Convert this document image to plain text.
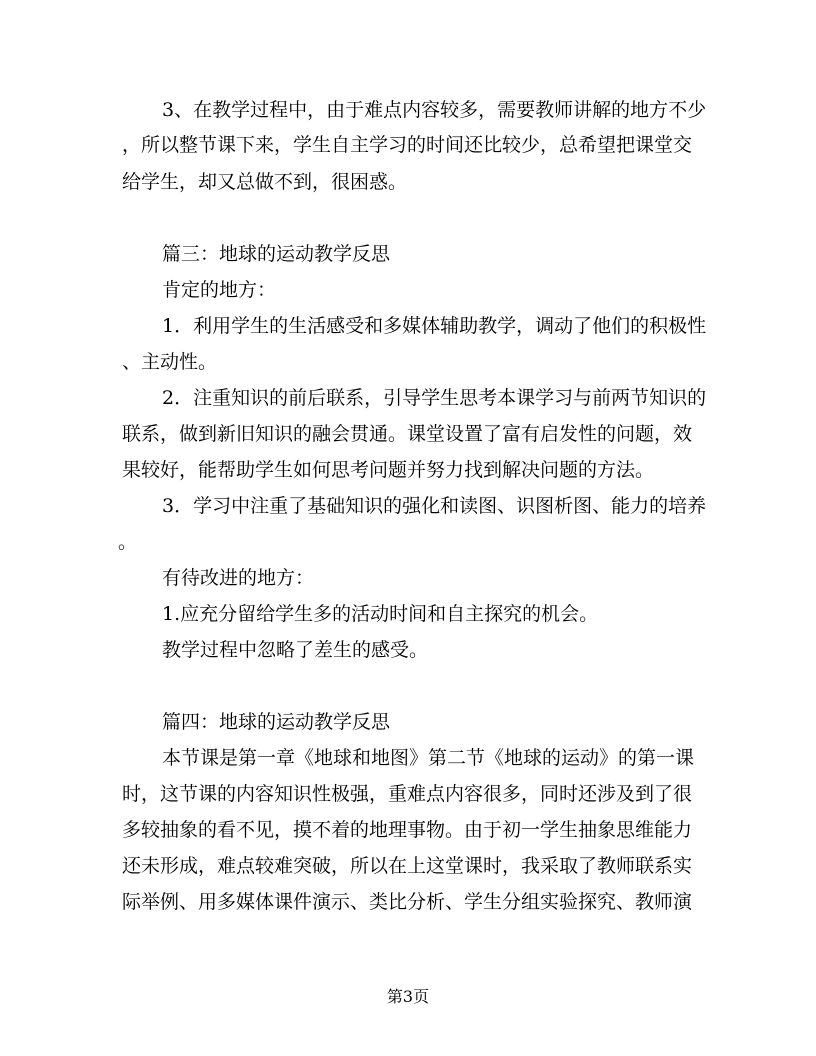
3、在教学过程中，由于难点内容较多，需要教师讲解的地方不少
，所以整节课下来，学生自主学习的时间还比较少，总希望把课堂交
给学生，却又总做不到，很困惑。
篇三：地球的运动教学反思
肯定的地方：
1．利用学生的生活感受和多媒体辅助教学，调动了他们的积极性
、主动性。
2．注重知识的前后联系，引导学生思考本课学习与前两节知识的
联系，做到新旧知识的融会贯通。课堂设置了富有启发性的问题，效
果较好，能帮助学生如何思考问题并努力找到解决问题的方法。
3．学习中注重了基础知识的强化和读图、识图析图、能力的培养
。
有待改进的地方：
1.应充分留给学生多的活动时间和自主探究的机会。
教学过程中忽略了差生的感受。
篇四：地球的运动教学反思
本节课是第一章《地球和地图》第二节《地球的运动》的第一课
时，这节课的内容知识性极强，重难点内容很多，同时还涉及到了很
多较抽象的看不见，摸不着的地理事物。由于初一学生抽象思维能力
还未形成，难点较难突破，所以在上这堂课时，我采取了教师联系实
际举例、用多媒体课件演示、类比分析、学生分组实验探究、教师演
第3页
